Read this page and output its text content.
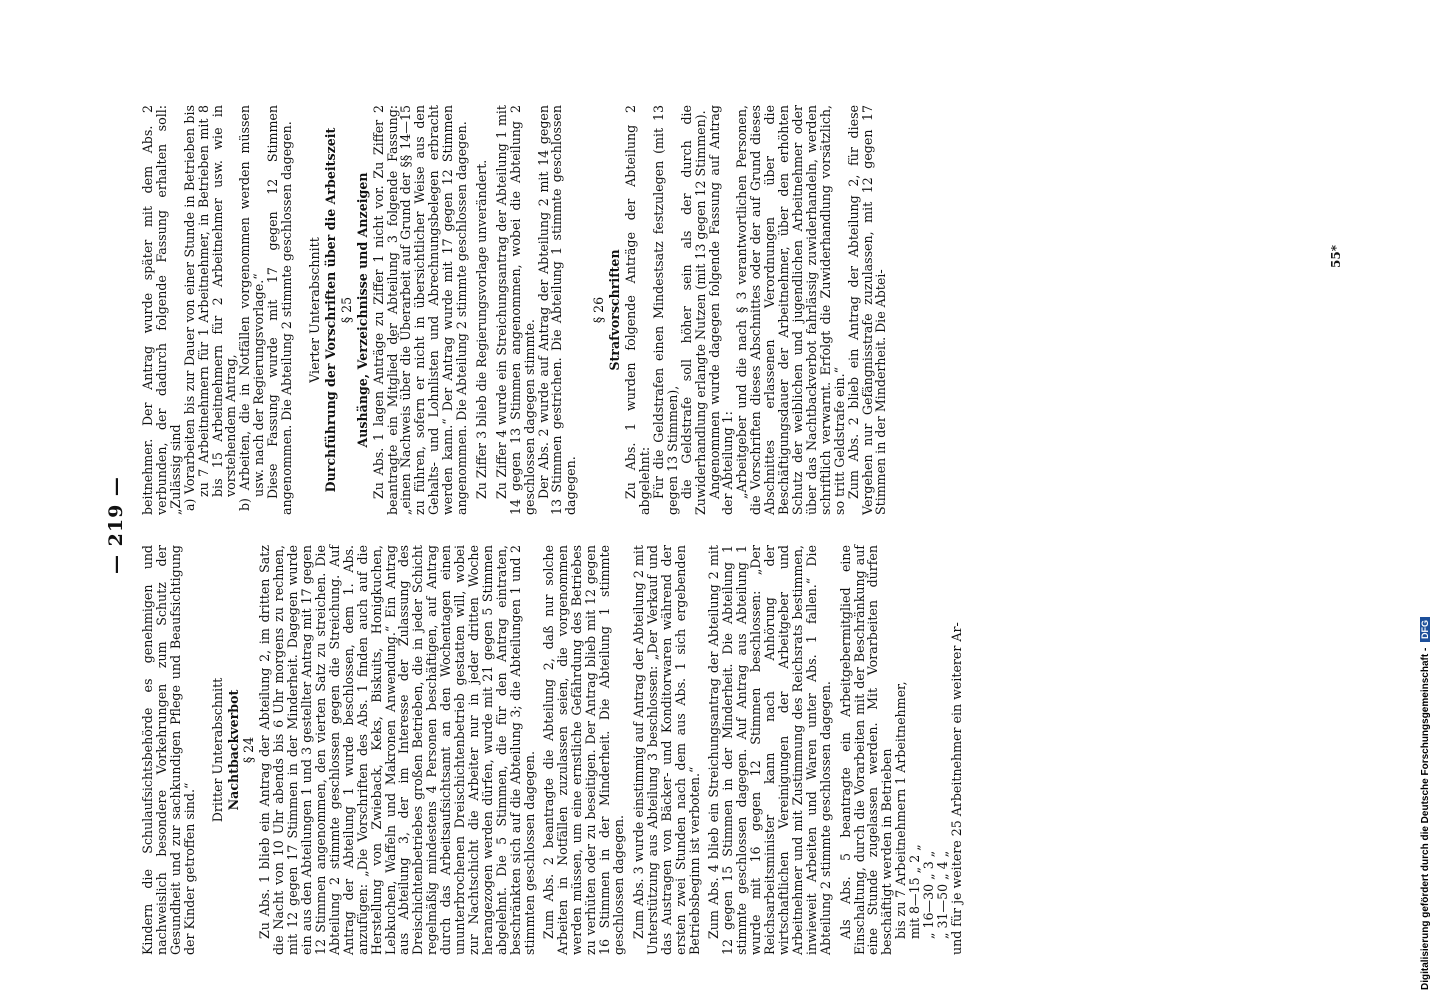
— 219 —

Kindern die Schulaufsichtsbehörde es genehmigen und nachweislich besondere Vorkehrungen zum Schutz der Gesundheit und zur sachkundigen Pflege und Beaufsichtigung der Kinder getroffen sind.“

Dritter Unterabschnitt Nachtbackverbot § 24 Zu Abs. 1 blieb ein Antrag der Abteilung 2, im dritten Satz die Nacht von 10 Uhr abends bis 6 Uhr morgens zu rechnen, mit 12 gegen 17 Stimmen in der Minderheit. Dagegen wurde ein aus den Abteilungen 1 und 3 gestellter Antrag mit 17 gegen 12 Stimmen angenommen, den vierten Satz zu streichen. Die Abteilung 2 stimmte geschlossen gegen die Streichung. Auf Antrag der Abteilung 1 wurde beschlossen, dem 1. Abs. anzufügen: „Die Vorschriften des Abs. 1 finden auch auf die Herstellung von Zwieback, Keks, Biskuits, Honigkuchen, Lebkuchen, Waffeln und Makronen Anwendung.“ Ein Antrag aus Abteilung 3, der im Interesse der Zulassung des Dreischichtenbetriebes großen Betrieben, die in jeder Schicht regelmäßig mindestens 4 Personen beschäftigen, auf Antrag durch das Arbeitsaufsichtsamt an den Wochentagen einen ununterbrochenen Dreischichtenbetrieb gestatten will, wobei zur Nachtschicht die Arbeiter nur in jeder dritten Woche herangezogen werden dürfen, wurde mit 21 gegen 5 Stimmen abgelehnt. Die 5 Stimmen, die für den Antrag eintraten, beschränkten sich auf die Abteilung 3; die Abteilungen 1 und 2 stimmten geschlossen dagegen. Zum Abs. 2 beantragte die Abteilung 2, daß nur solche Arbeiten in Notfällen zuzulassen seien, die vorgenommen werden müssen, um eine ernstliche Gefährdung des Betriebes zu verhüten oder zu beseitigen. Der Antrag blieb mit 12 gegen 16 Stimmen in der Minderheit. Die Abteilung 1 stimmte geschlossen dagegen. Zum Abs. 3 wurde einstimmig auf Antrag der Abteilung 2 mit Unterstützung aus Abteilung 3 beschlossen: „Der Verkauf und das Austragen von Bäcker- und Konditorwaren während der ersten zwei Stunden nach dem aus Abs. 1 sich ergebenden Betriebsbeginn ist verboten.“ Zum Abs. 4 blieb ein Streichungsantrag der Abteilung 2 mit 12 gegen 15 Stimmen in der Minderheit. Die Abteilung 1 stimmte geschlossen dagegen. Auf Antrag aus Abteilung 1 wurde mit 16 gegen 12 Stimmen beschlossen: „Der Reichsarbeitsminister kann nach Anhörung der wirtschaftlichen Vereinigungen der Arbeitgeber und Arbeitnehmer und mit Zustimmung des Reichsrats bestimmen, inwieweit Arbeiten und Waren unter Abs. 1 fallen.“ Die Abteilung 2 stimmte geschlossen dagegen. Als Abs. 5 beantragte ein Arbeitgebermitglied eine Einschaltung, durch die Vorarbeiten mit der Beschränkung auf eine Stunde zugelassen werden. Mit Vorarbeiten dürfen beschäftigt werden in Betrieben

bis zu 7 Arbeitnehmern 1 Arbeitnehmer,

mit 8—15 „ 2 „

„ 16—30 „ 3 „

„ 31—50 „ 4 „

und für je weitere 25 Arbeitnehmer ein weiterer Ar-

beitnehmer. Der Antrag wurde später mit dem Abs. 2 verbunden, der dadurch folgende Fassung erhalten soll: „Zulässig sind

a) Vorarbeiten bis zur Dauer von einer Stunde in Betrieben bis zu 7 Arbeitnehmern für 1 Arbeitnehmer, in Betrieben mit 8 bis 15 Arbeitnehmern für 2 Arbeitnehmer usw. wie in vorstehendem Antrag,

b) Arbeiten, die in Notfällen vorgenommen werden müssen usw. nach der Regierungsvorlage.“

Diese Fassung wurde mit 17 gegen 12 Stimmen angenommen. Die Abteilung 2 stimmte geschlossen dagegen. Vierter Unterabschnitt Durchführung der Vorschriften über die Arbeitszeit § 25 Aushänge, Verzeichnisse und Anzeigen Zu Abs. 1 lagen Anträge zu Ziffer 1 nicht vor. Zu Ziffer 2 beantragte ein Mitglied der Abteilung 3 folgende Fassung: „einen Nachweis über die Überarbeit auf Grund der §§ 14—15 zu führen, sofern er nicht in übersichtlicher Weise aus den Gehalts- und Lohnlisten und Abrechnungsbelegen erbracht werden kann.“ Der Antrag wurde mit 17 gegen 12 Stimmen angenommen. Die Abteilung 2 stimmte geschlossen dagegen. Zu Ziffer 3 blieb die Regierungsvorlage unverändert. Zu Ziffer 4 wurde ein Streichungsantrag der Abteilung 1 mit 14 gegen 13 Stimmen angenommen, wobei die Abteilung 2 geschlossen dagegen stimmte.

Der Abs. 2 wurde auf Antrag der Abteilung 2 mit 14 gegen 13 Stimmen gestrichen. Die Abteilung 1 stimmte geschlossen dagegen.

§ 26 Strafvorschriften Zu Abs. 1 wurden folgende Anträge der Abteilung 2 abgelehnt:

Für die Geldstrafen einen Mindestsatz festzulegen (mit 13 gegen 13 Stimmen),

die Geldstrafe soll höher sein als der durch die Zuwiderhandlung erlangte Nutzen (mit 13 gegen 12 Stimmen).

Angenommen wurde dagegen folgende Fassung auf Antrag der Abteilung 1:

„Arbeitgeber und die nach § 3 verantwortlichen Personen, die Vorschriften dieses Abschnittes oder der auf Grund dieses Abschnittes erlassenen Verordnungen über die Beschäftigungsdauer der Arbeitnehmer, über den erhöhten Schutz der weiblichen und jugendlichen Arbeitnehmer oder über das Nachtbackverbot fahrlässig zuwiderhandeln, werden schriftlich verwarnt. Erfolgt die Zuwiderhandlung vorsätzlich, so tritt Geldstrafe ein.“

Zum Abs. 2 blieb ein Antrag der Abteilung 2, für diese Vergehen nur Gefängnisstrafe zuzulassen, mit 12 gegen 17 Stimmen in der Minderheit. Die Abtei-

55*
Digitalisierung gefördert durch die Deutsche Forschungsgemeinschaft - DFG
